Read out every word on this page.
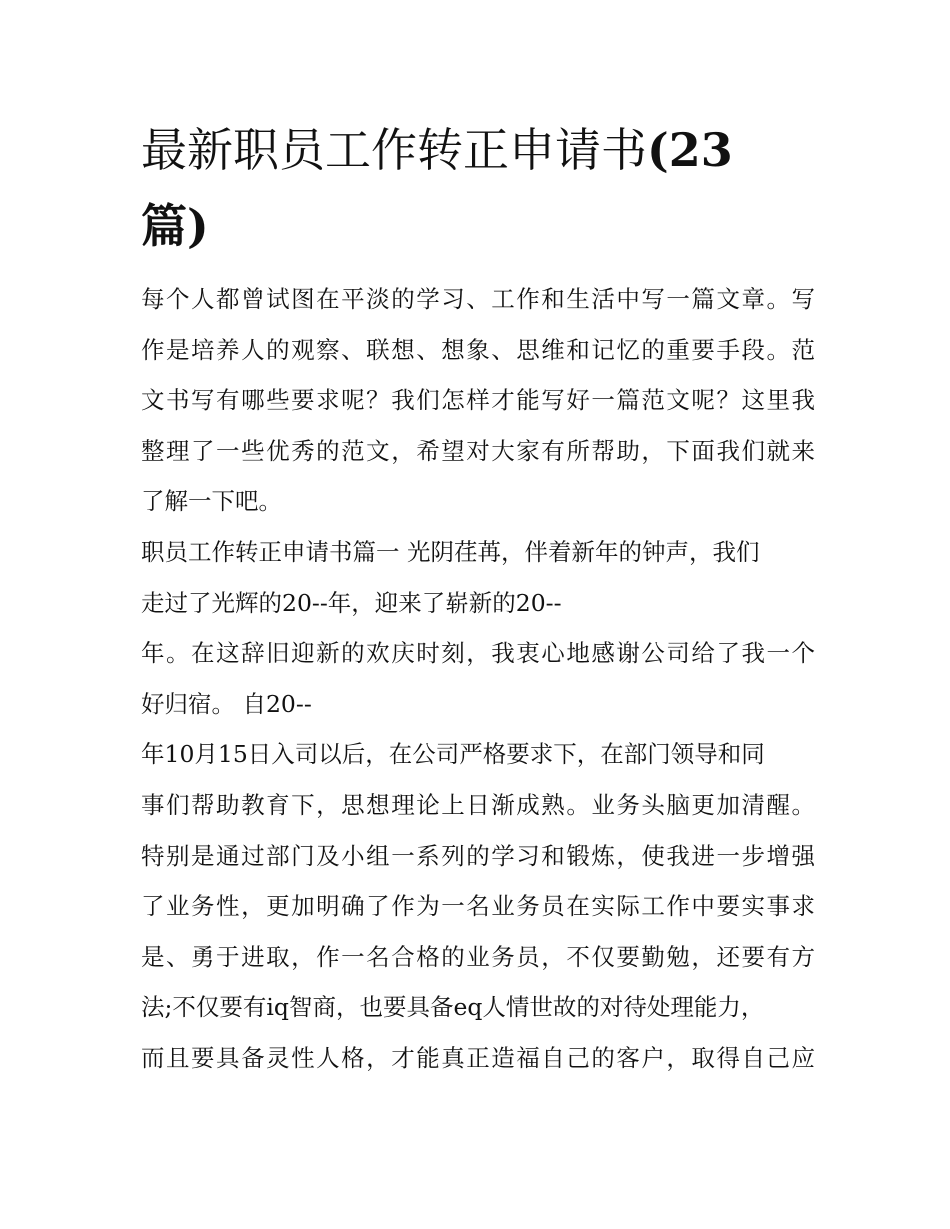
最新职员工作转正申请书(23
篇)
每个人都曾试图在平淡的学习、工作和生活中写一篇文章。写
作是培养人的观察、联想、想象、思维和记忆的重要手段。范
文书写有哪些要求呢？我们怎样才能写好一篇范文呢？这里我
整理了一些优秀的范文，希望对大家有所帮助，下面我们就来
了解一下吧。
职员工作转正申请书篇一 光阴荏苒，伴着新年的钟声，我们
走过了光辉的20--年，迎来了崭新的20--
年。在这辞旧迎新的欢庆时刻，我衷心地感谢公司给了我一个
好归宿。 自20--
年10月15日入司以后，在公司严格要求下，在部门领导和同
事们帮助教育下，思想理论上日渐成熟。业务头脑更加清醒。
特别是通过部门及小组一系列的学习和锻炼，使我进一步增强
了业务性，更加明确了作为一名业务员在实际工作中要实事求
是、勇于进取，作一名合格的业务员，不仅要勤勉，还要有方
法;不仅要有iq智商，也要具备eq人情世故的对待处理能力，
而且要具备灵性人格，才能真正造福自己的客户，取得自己应
